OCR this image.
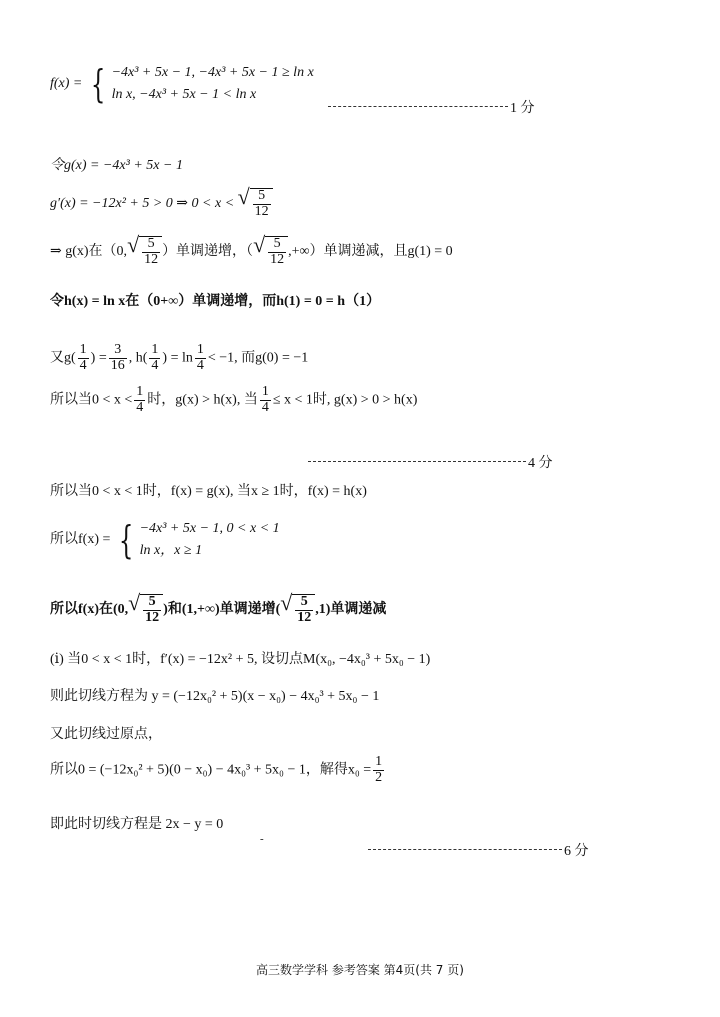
f(x) = { −4x³ + 5x − 1, −4x³ + 5x − 1 ≥ ln x
ln x, −4x³ + 5x − 1 < ln x
1 分
令g(x) = −4x³ + 5x − 1
g′(x) = −12x² + 5 > 0 ⇒ 0 < x < √ $\frac{5}{12}$
⇒ g(x)在（0, √ $\frac{5}{12}$ ）单调递增，（ √ $\frac{5}{12}$ ,+∞）单调递减，且g(1) = 0
令h(x) = ln x在（0+∞）单调递增，而h(1) = 0 = h（1）
又$g( \frac{1}{4}$ ) = $\frac{3}{16}$ , $h( \frac{1}{4}$ ) = $\ln \frac{1}{4} < -1$, 而g(0) = −1
所以当$0 < x < \frac{1}{4}$ 时，g(x) > h(x), 当 $\frac{1}{4} \le x < 1$时, g(x) > 0 > h(x)
4 分
所以当0 < x < 1时，f(x) = g(x), 当x ≥ 1时，f(x) = h(x)
所以f(x) = { −4x³ + 5x − 1, 0 < x < 1
ln x，x ≥ 1
所以f(x)在(0, √ $\frac{5}{12}$ )和(1,+∞)单调递增( √ $\frac{5}{12} ,1$)单调递减
(ⅰ) 当0 < x < 1时，f′(x) = −12x² + 5, 设切点M(x₀, −4x₀³ + 5x₀ − 1)
则此切线方程为 y = (−12x₀² + 5)(x − x₀) − 4x₀³ + 5x₀ − 1
又此切线过原点，
所以0 = (−12x₀² + 5)(0 − x₀) − 4x₀³ + 5x₀ − 1，解得$x_0 = \frac{1}{2}$
即此时切线方程是 2x − y = 0
-
6 分
高三数学学科 参考答案 第4页(共 7 页)
